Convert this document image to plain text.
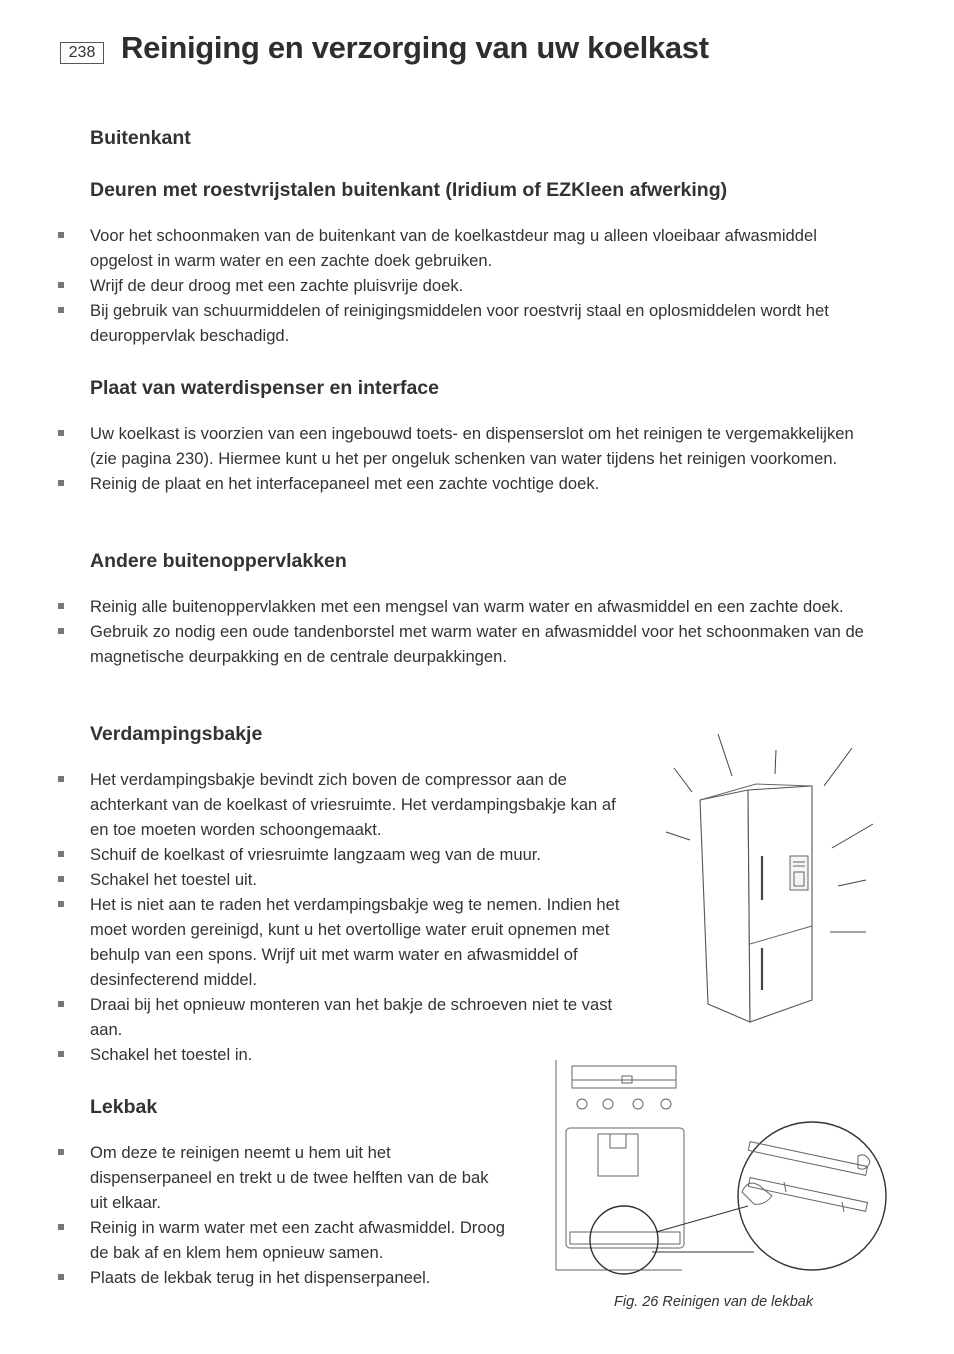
238 Reiniging en verzorging van uw koelkast
Buitenkant
Deuren met roestvrijstalen buitenkant (Iridium of EZKleen afwerking)
Voor het schoonmaken van de buitenkant van de koelkastdeur mag u alleen vloeibaar afwasmiddel opgelost in warm water en een zachte doek gebruiken.
Wrijf de deur droog met een zachte pluisvrije doek.
Bij gebruik van schuurmiddelen of reinigingsmiddelen voor roestvrij staal en oplosmiddelen wordt het deuroppervlak beschadigd.
Plaat van waterdispenser en interface
Uw koelkast is voorzien van een ingebouwd toets- en dispenserslot om het reinigen te vergemakkelijken (zie pagina 230). Hiermee kunt u het per ongeluk schenken van water tijdens het reinigen voorkomen.
Reinig de plaat en het interfacepaneel met een zachte vochtige doek.
Andere buitenoppervlakken
Reinig alle buitenoppervlakken met een mengsel van warm water en afwasmiddel en een zachte doek.
Gebruik zo nodig een oude tandenborstel met warm water en afwasmiddel voor het schoonmaken van de magnetische deurpakking en de centrale deurpakkingen.
Verdampingsbakje
Het verdampingsbakje bevindt zich boven de compressor aan de achterkant van de koelkast of vriesruimte. Het verdampingsbakje kan af en toe moeten worden schoongemaakt.
Schuif de koelkast of vriesruimte langzaam weg van de muur.
Schakel het toestel uit.
Het is niet aan te raden het verdampingsbakje weg te nemen. Indien het moet worden gereinigd, kunt u het overtollige water eruit opnemen met behulp van een spons. Wrijf uit met warm water en afwasmiddel of desinfecterend middel.
Draai bij het opnieuw monteren van het bakje de schroeven niet te vast aan.
Schakel het toestel in.
Lekbak
Om deze te reinigen neemt u hem uit het dispenserpaneel en trekt u de twee helften van de bak uit elkaar.
Reinig in warm water met een zacht afwasmiddel. Droog de bak af en klem hem opnieuw samen.
Plaats de lekbak terug in het dispenserpaneel.

Fig. 26 Reinigen van de lekbak
